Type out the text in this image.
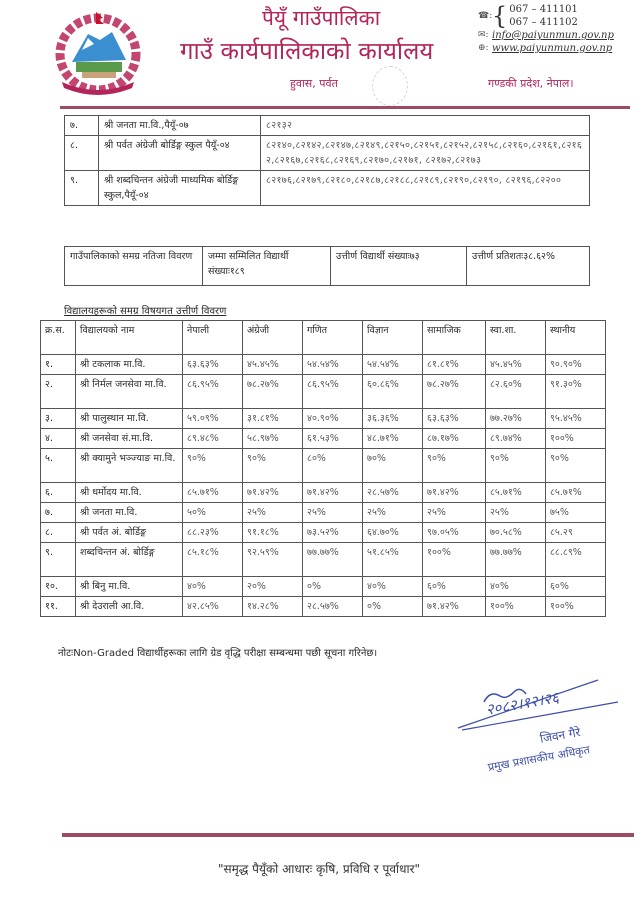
पैयूँ गाउँपालिका
गाउँ कार्यपालिकाको कार्यालय
हुवास, पर्वत
☎: { 067 – 411101
067 – 411102
✉: info@paiyunmun.gov.np
⊕: www.paiyunmun.gov.np
गण्डकी प्रदेश, नेपाल।
७.	श्री जनता मा.वि.,पैयूँ-०७	८२१३२
८.	श्री पर्वत अंग्रेजी बोर्डिङ्ग स्कुल पैयूँ-०४	८२१४०,८२१४२,८२१४७,८२१४९,८२१५०,८२१५१,८२१५२,८२१५८,८२१६०,८२१६१,८२१६२,८२१६७,८२१६८,८२१६९,८२१७०,८२१७१, ८२१७२,८२१७३
९.	श्री शब्दचिन्तन अंग्रेजी माध्यमिक बोर्डिङ्ग स्कुल,पैयूँ-०४	८२१७६,८२१७९,८२१८०,८२१८७,८२१८८,८२१८९,८२१९०,८२१९०, ८२१९६,८२२००
गाउँपालिकाको समग्र नतिजा विवरण	जम्मा सम्मिलित विद्यार्थी संख्याः१८९	उत्तीर्ण विद्यार्थी संख्याः७३	उत्तीर्ण प्रतिशतः३८.६२%
विद्यालयहरूको समग्र विषयगत उत्तीर्ण विवरण
क्र.स.	विद्यालयको नाम	नेपाली	अंग्रेजी	गणित	विज्ञान	सामाजिक	स्वा.शा.	स्थानीय
१.	श्री टकलाक मा.वि.	६३.६३%	४५.४५%	५४.५४%	५४.५४%	८१.८१%	४५.४५%	९०.९०%
२.	श्री निर्मल जनसेवा मा.वि.	८६.९५%	७८.२७%	८६.९५%	६०.८६%	७८.२७%	८२.६०%	९१.३०%
३.	श्री पालुस्थान मा.वि.	५९.०९%	३१.८१%	४०.९०%	३६.३६%	६३.६३%	७७.२७%	९५.४५%
४.	श्री जनसेवा सं.मा.वि.	८९.४८%	५८.९७%	६१.५३%	४८.७१%	८७.१७%	८९.७४%	१००%
५.	श्री क्यामुने भञ्ज्याङ मा.वि.	९०%	९०%	८०%	७०%	९०%	९०%	९०%
६.	श्री धर्मोदय मा.वि.	८५.७१%	७१.४२%	७१.४२%	२८.५७%	७१.४२%	८५.७१%	८५.७१%
७.	श्री जनता मा.वि.	५०%	२५%	२५%	२५%	२५%	२५%	७५%
८.	श्री पर्वत अं. बोर्डिङ्ग	८८.२३%	९१.१८%	७३.५२%	६४.७०%	९७.०५%	७०.५८%	८५.२९
९.	शब्दचिन्तन अं. बोर्डिङ्ग	८५.१८%	९२.५९%	७७.७७%	५१.८५%	१००%	७७.७७%	८८.८९%
१०.	श्री बिनु मा.वि.	४०%	२०%	०%	४०%	६०%	४०%	६०%
११.	श्री देउराली आ.वि.	४२.८५%	१४.२८%	२८.५७%	०%	७१.४२%	१००%	१००%
नोटःNon-Graded विद्यार्थीहरूका लागि ग्रेड वृद्धि परीक्षा सम्बन्धमा पछी सूचना गरिनेछ।
२०८२।१२।२६
जिवन गैरे
प्रमुख प्रशासकीय अधिकृत
"समृद्ध पैयूँको आधारः कृषि, प्रविधि र पूर्वाधार"
